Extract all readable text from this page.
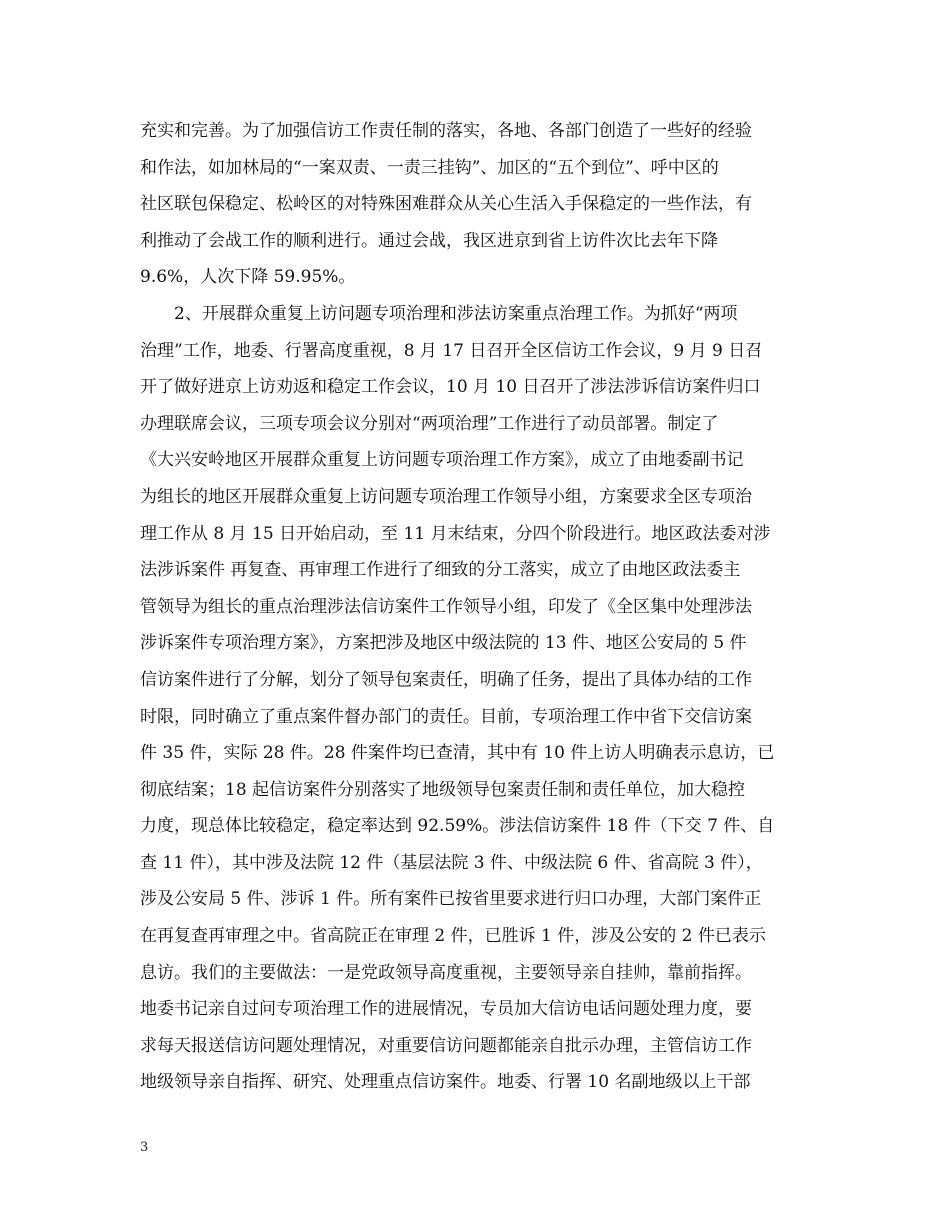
充实和完善。为了加强信访工作责任制的落实，各地、各部门创造了一些好的经验
和作法，如加林局的“一案双责、一责三挂钩”、加区的“五个到位”、呼中区的
社区联包保稳定、松岭区的对特殊困难群众从关心生活入手保稳定的一些作法，有
利推动了会战工作的顺利进行。通过会战，我区进京到省上访件次比去年下降
9.6%，人次下降 59.95%。
　　2、开展群众重复上访问题专项治理和涉法访案重点治理工作。为抓好“两项
治理”工作，地委、行署高度重视，8 月 17 日召开全区信访工作会议，9 月 9 日召
开了做好进京上访劝返和稳定工作会议，10 月 10 日召开了涉法涉诉信访案件归口
办理联席会议，三项专项会议分别对“两项治理”工作进行了动员部署。制定了
《大兴安岭地区开展群众重复上访问题专项治理工作方案》，成立了由地委副书记
为组长的地区开展群众重复上访问题专项治理工作领导小组，方案要求全区专项治
理工作从 8 月 15 日开始启动，至 11 月末结束，分四个阶段进行。地区政法委对涉
法涉诉案件 再复查、再审理工作进行了细致的分工落实，成立了由地区政法委主
管领导为组长的重点治理涉法信访案件工作领导小组，印发了《全区集中处理涉法
涉诉案件专项治理方案》，方案把涉及地区中级法院的 13 件、地区公安局的 5 件
信访案件进行了分解，划分了领导包案责任，明确了任务，提出了具体办结的工作
时限，同时确立了重点案件督办部门的责任。目前，专项治理工作中省下交信访案
件 35 件，实际 28 件。28 件案件均已查清，其中有 10 件上访人明确表示息访，已
彻底结案；18 起信访案件分别落实了地级领导包案责任制和责任单位，加大稳控
力度，现总体比较稳定，稳定率达到 92.59%。涉法信访案件 18 件（下交 7 件、自
查 11 件），其中涉及法院 12 件（基层法院 3 件、中级法院 6 件、省高院 3 件），
涉及公安局 5 件、涉诉 1 件。所有案件已按省里要求进行归口办理，大部门案件正
在再复查再审理之中。省高院正在审理 2 件，已胜诉 1 件，涉及公安的 2 件已表示
息访。我们的主要做法：一是党政领导高度重视，主要领导亲自挂帅，靠前指挥。
地委书记亲自过问专项治理工作的进展情况，专员加大信访电话问题处理力度，要
求每天报送信访问题处理情况，对重要信访问题都能亲自批示办理，主管信访工作
地级领导亲自指挥、研究、处理重点信访案件。地委、行署 10 名副地级以上干部
3
